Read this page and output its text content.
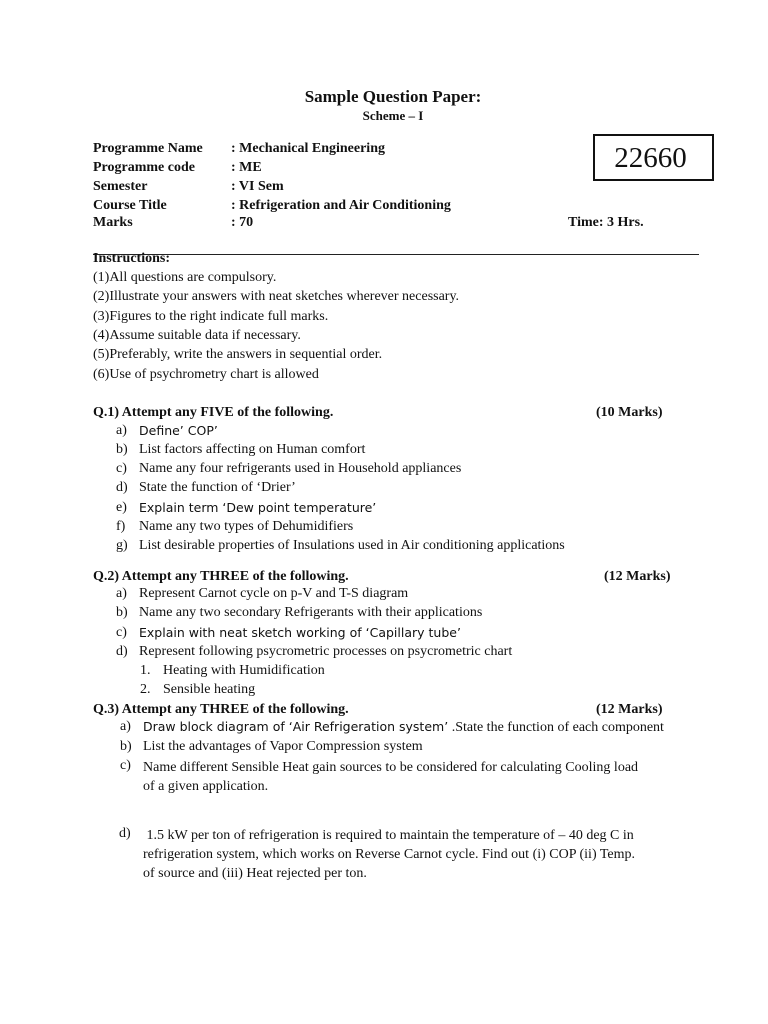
Sample Question Paper:
Scheme – I
22660
Programme Name : Mechanical Engineering
Programme code	: ME
Semester	: VI Sem
Course Title	: Refrigeration and Air Conditioning
Marks	: 70	Time: 3 Hrs.
Instructions:
(1)All questions are compulsory.
(2)Illustrate your answers with neat sketches wherever necessary.
(3)Figures to the right indicate full marks.
(4)Assume suitable data if necessary.
(5)Preferably, write the answers in sequential order.
(6)Use of psychrometry chart is allowed
Q.1) Attempt any FIVE of the following.	(10 Marks)
a) Define’ COP’
b) List factors affecting on Human comfort
c) Name any four refrigerants used in Household appliances
d) State the function of ‘Drier’
e) Explain term ‘Dew point temperature’
f) Name any two types of Dehumidifiers
g) List desirable properties of Insulations used in Air conditioning applications
Q.2) Attempt any THREE of the following.	(12 Marks)
a) Represent Carnot cycle on p-V and T-S diagram
b) Name any two secondary Refrigerants with their applications
c) Explain with neat sketch working of ‘Capillary tube’
d) Represent following psycrometric processes on psycrometric chart
1. Heating with Humidification
2. Sensible heating
Q.3) Attempt any THREE of the following.	(12 Marks)
a) Draw block diagram of ‘Air Refrigeration system’ .State the function of each component
b) List the advantages of Vapor Compression system
c) Name different Sensible Heat gain sources to be considered for calculating Cooling load
of a given application.
d) 1.5 kW per ton of refrigeration is required to maintain the temperature of – 40 deg C in
refrigeration system, which works on Reverse Carnot cycle. Find out (i) COP (ii) Temp.
of source and (iii) Heat rejected per ton.
